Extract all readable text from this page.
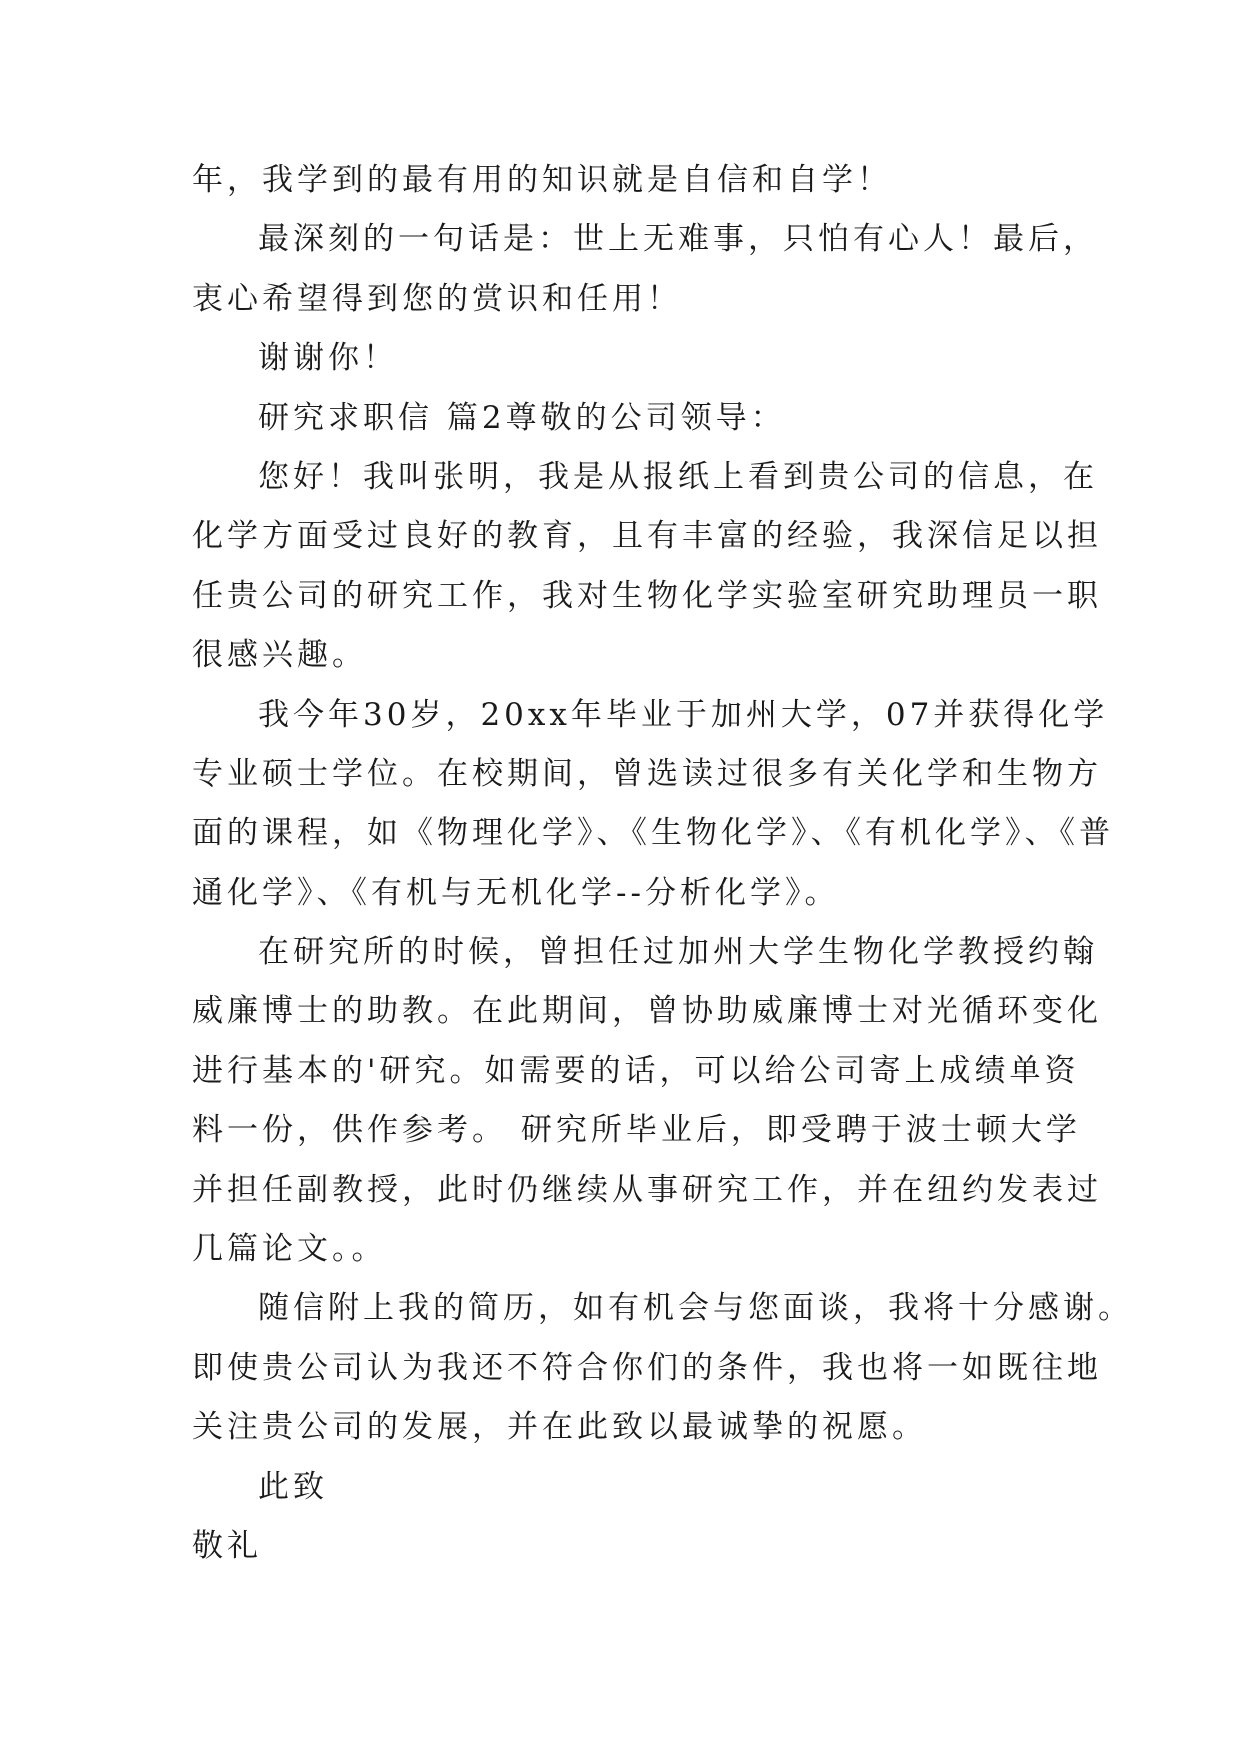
年，我学到的最有用的知识就是自信和自学！
最深刻的一句话是：世上无难事，只怕有心人！最后，
衷心希望得到您的赏识和任用！
谢谢你！
研究求职信 篇2尊敬的公司领导：
您好！我叫张明，我是从报纸上看到贵公司的信息，在
化学方面受过良好的教育，且有丰富的经验，我深信足以担
任贵公司的研究工作，我对生物化学实验室研究助理员一职
很感兴趣。
我今年30岁，20xx年毕业于加州大学，07并获得化学
专业硕士学位。在校期间，曾选读过很多有关化学和生物方
面的课程，如《物理化学》、《生物化学》、《有机化学》、《普
通化学》、《有机与无机化学--分析化学》。
在研究所的时候，曾担任过加州大学生物化学教授约翰
威廉博士的助教。在此期间，曾协助威廉博士对光循环变化
进行基本的'研究。如需要的话，可以给公司寄上成绩单资
料一份，供作参考。 研究所毕业后，即受聘于波士顿大学
并担任副教授，此时仍继续从事研究工作，并在纽约发表过
几篇论文。。
随信附上我的简历，如有机会与您面谈，我将十分感谢。
即使贵公司认为我还不符合你们的条件，我也将一如既往地
关注贵公司的发展，并在此致以最诚挚的祝愿。
此致
敬礼
